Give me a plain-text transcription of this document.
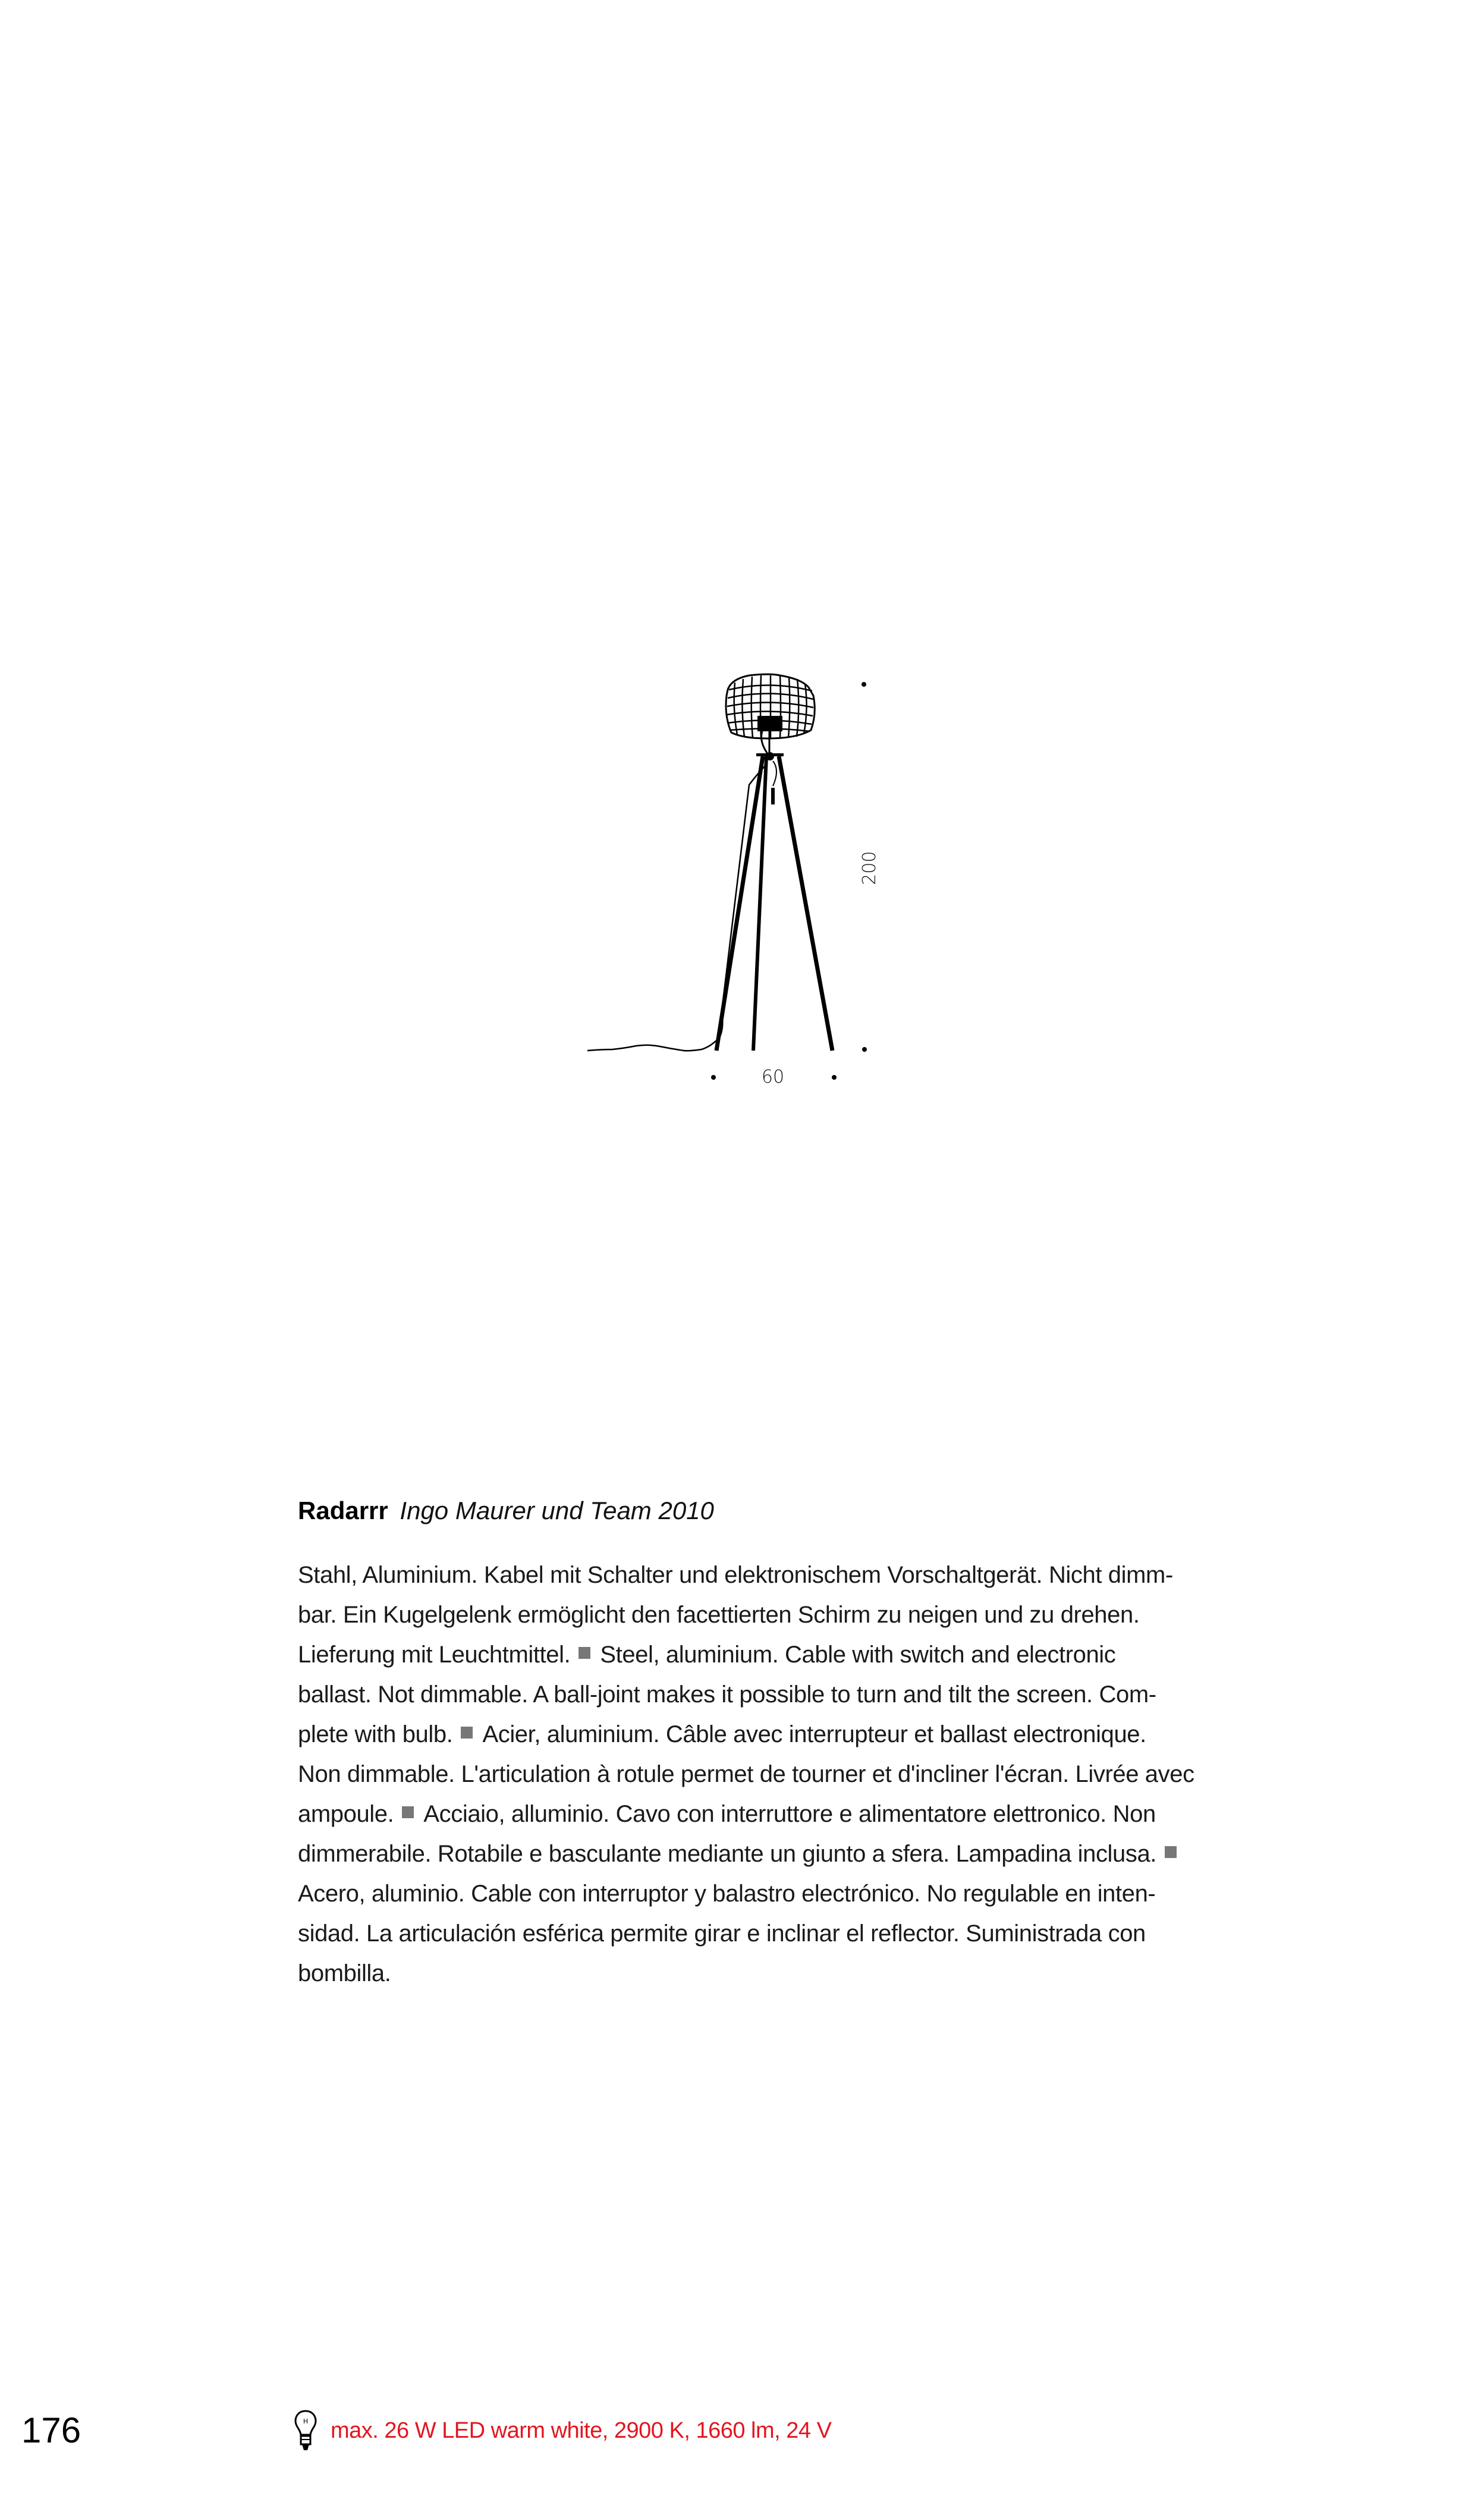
200
60
Radarrr Ingo Maurer und Team 2010
Stahl, Aluminium. Kabel mit Schalter und elektronischem Vorschaltgerät. Nicht dimm-
bar. Ein Kugelgelenk ermöglicht den facettierten Schirm zu neigen und zu drehen.
Lieferung mit Leuchtmittel. Steel, aluminium. Cable with switch and electronic
ballast. Not dimmable. A ball-joint makes it possible to turn and tilt the screen. Com-
plete with bulb. Acier, aluminium. Câble avec interrupteur et ballast electronique.
Non dimmable. L'articulation à rotule permet de tourner et d'incliner l'écran. Livrée avec
ampoule. Acciaio, alluminio. Cavo con interruttore e alimentatore elettronico. Non
dimmerabile. Rotabile e basculante mediante un giunto a sfera. Lampadina inclusa.
Acero, aluminio. Cable con interruptor y balastro electrónico. No regulable en inten-
sidad. La articulación esférica permite girar e inclinar el reflector. Suministrada con
bombilla.
176	H max. 26 W LED warm white, 2900 K, 1660 lm, 24 V
